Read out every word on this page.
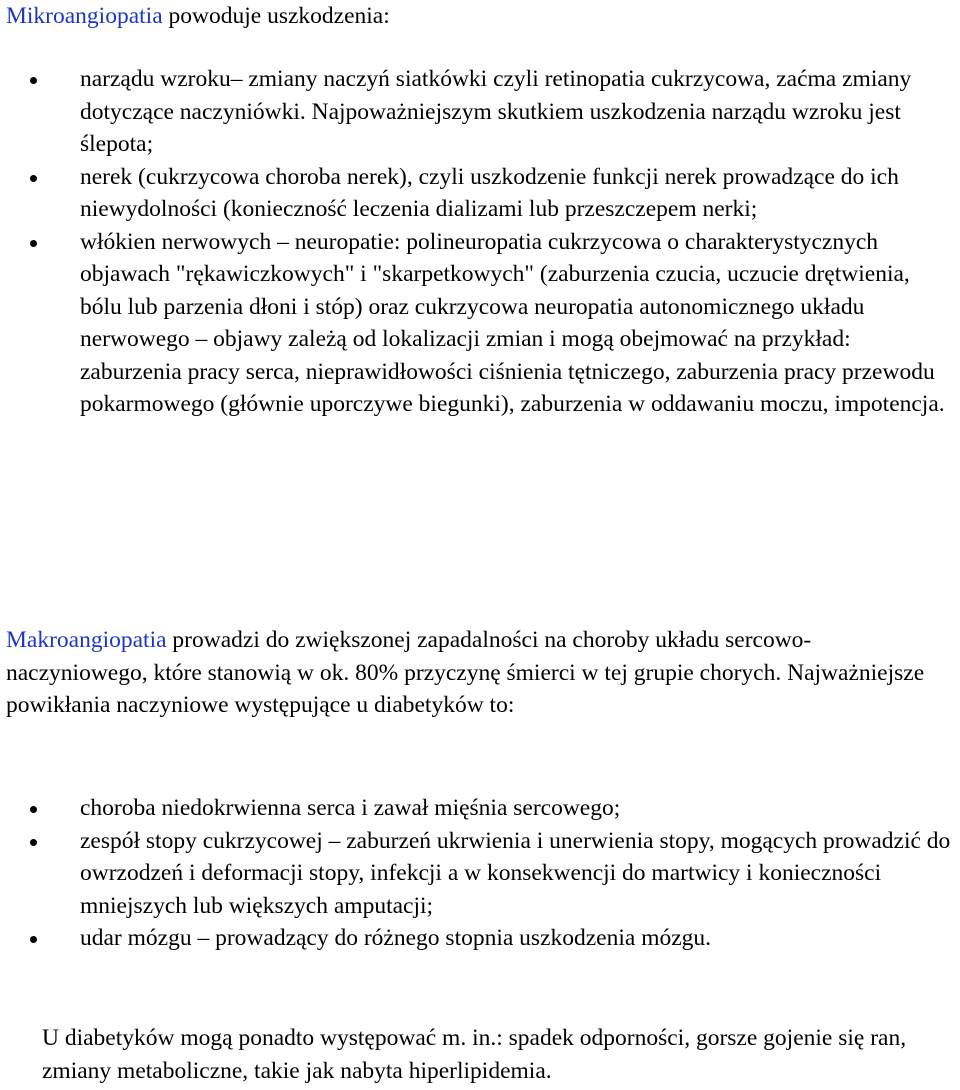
Mikroangiopatia powoduje uszkodzenia:

narządu wzroku– zmiany naczyń siatkówki czyli retinopatia cukrzycowa, zaćma zmiany dotyczące naczyniówki. Najpoważniejszym skutkiem uszkodzenia narządu wzroku jest ślepota;
nerek (cukrzycowa choroba nerek), czyli uszkodzenie funkcji nerek prowadzące do ich niewydolności (konieczność leczenia dializami lub przeszczepem nerki;
włókien nerwowych – neuropatie: polineuropatia cukrzycowa o charakterystycznych objawach "rękawiczkowych" i "skarpetkowych" (zaburzenia czucia, uczucie drętwienia, bólu lub parzenia dłoni i stóp) oraz cukrzycowa neuropatia autonomicznego układu nerwowego – objawy zależą od lokalizacji zmian i mogą obejmować na przykład: zaburzenia pracy serca, nieprawidłowości ciśnienia tętniczego, zaburzenia pracy przewodu pokarmowego (głównie uporczywe biegunki), zaburzenia w oddawaniu moczu, impotencja.

Makroangiopatia prowadzi do zwiększonej zapadalności na choroby układu sercowo-naczyniowego, które stanowią w ok. 80% przyczynę śmierci w tej grupie chorych. Najważniejsze powikłania naczyniowe występujące u diabetyków to:

choroba niedokrwienna serca i zawał mięśnia sercowego;
zespół stopy cukrzycowej – zaburzeń ukrwienia i unerwienia stopy, mogących prowadzić do owrzodzeń i deformacji stopy, infekcji a w konsekwencji do martwicy i konieczności mniejszych lub większych amputacji;
udar mózgu – prowadzący do różnego stopnia uszkodzenia mózgu.

U diabetyków mogą ponadto występować m. in.: spadek odporności, gorsze gojenie się ran, zmiany metaboliczne, takie jak nabyta hiperlipidemia.
